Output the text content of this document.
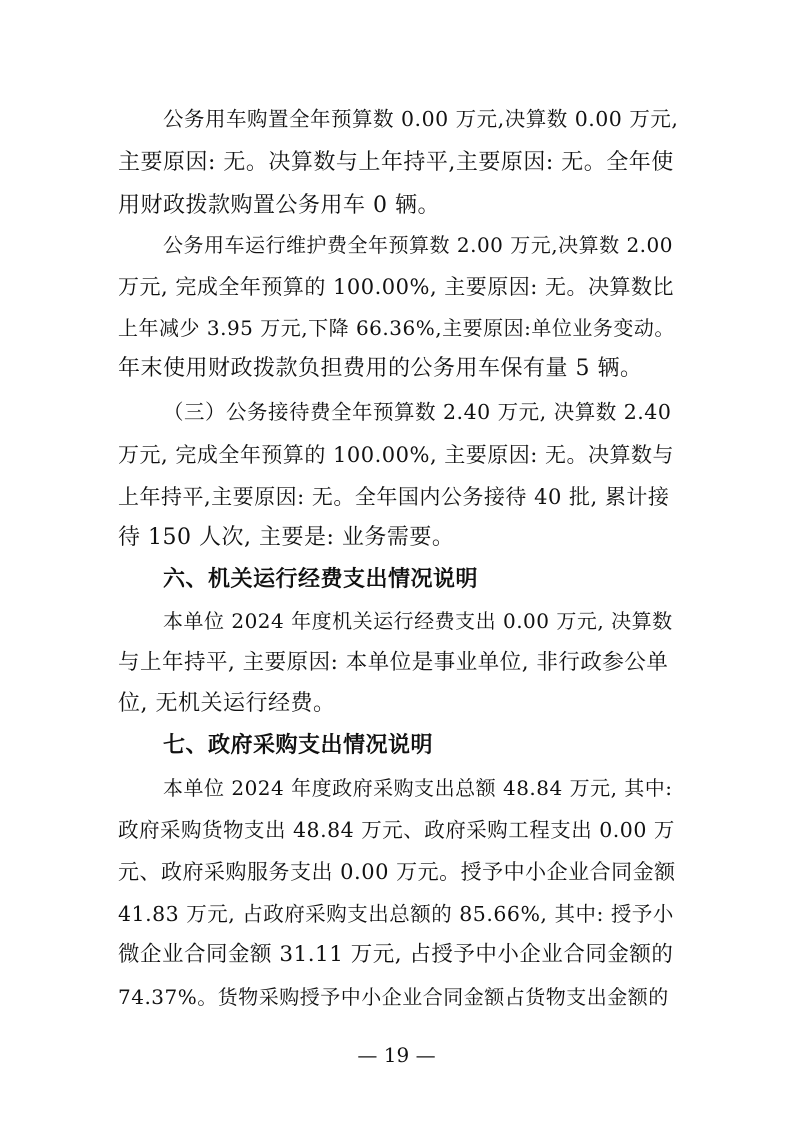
公务用车购置全年预算数 0.00 万元,决算数 0.00 万元,
主要原因: 无。决算数与上年持平,主要原因: 无。全年使
用财政拨款购置公务用车 0 辆。
公务用车运行维护费全年预算数 2.00 万元,决算数 2.00
万元, 完成全年预算的 100.00%, 主要原因: 无。决算数比
上年减少 3.95 万元,下降 66.36%,主要原因:单位业务变动。
年末使用财政拨款负担费用的公务用车保有量 5 辆。
（三）公务接待费全年预算数 2.40 万元, 决算数 2.40
万元, 完成全年预算的 100.00%, 主要原因: 无。决算数与
上年持平,主要原因: 无。全年国内公务接待 40 批, 累计接
待 150 人次, 主要是: 业务需要。
六、机关运行经费支出情况说明
本单位 2024 年度机关运行经费支出 0.00 万元, 决算数
与上年持平, 主要原因: 本单位是事业单位, 非行政参公单
位, 无机关运行经费。
七、政府采购支出情况说明
本单位 2024 年度政府采购支出总额 48.84 万元, 其中:
政府采购货物支出 48.84 万元、政府采购工程支出 0.00 万
元、政府采购服务支出 0.00 万元。授予中小企业合同金额
41.83 万元, 占政府采购支出总额的 85.66%, 其中: 授予小
微企业合同金额 31.11 万元, 占授予中小企业合同金额的
74.37%。货物采购授予中小企业合同金额占货物支出金额的
— 19 —
